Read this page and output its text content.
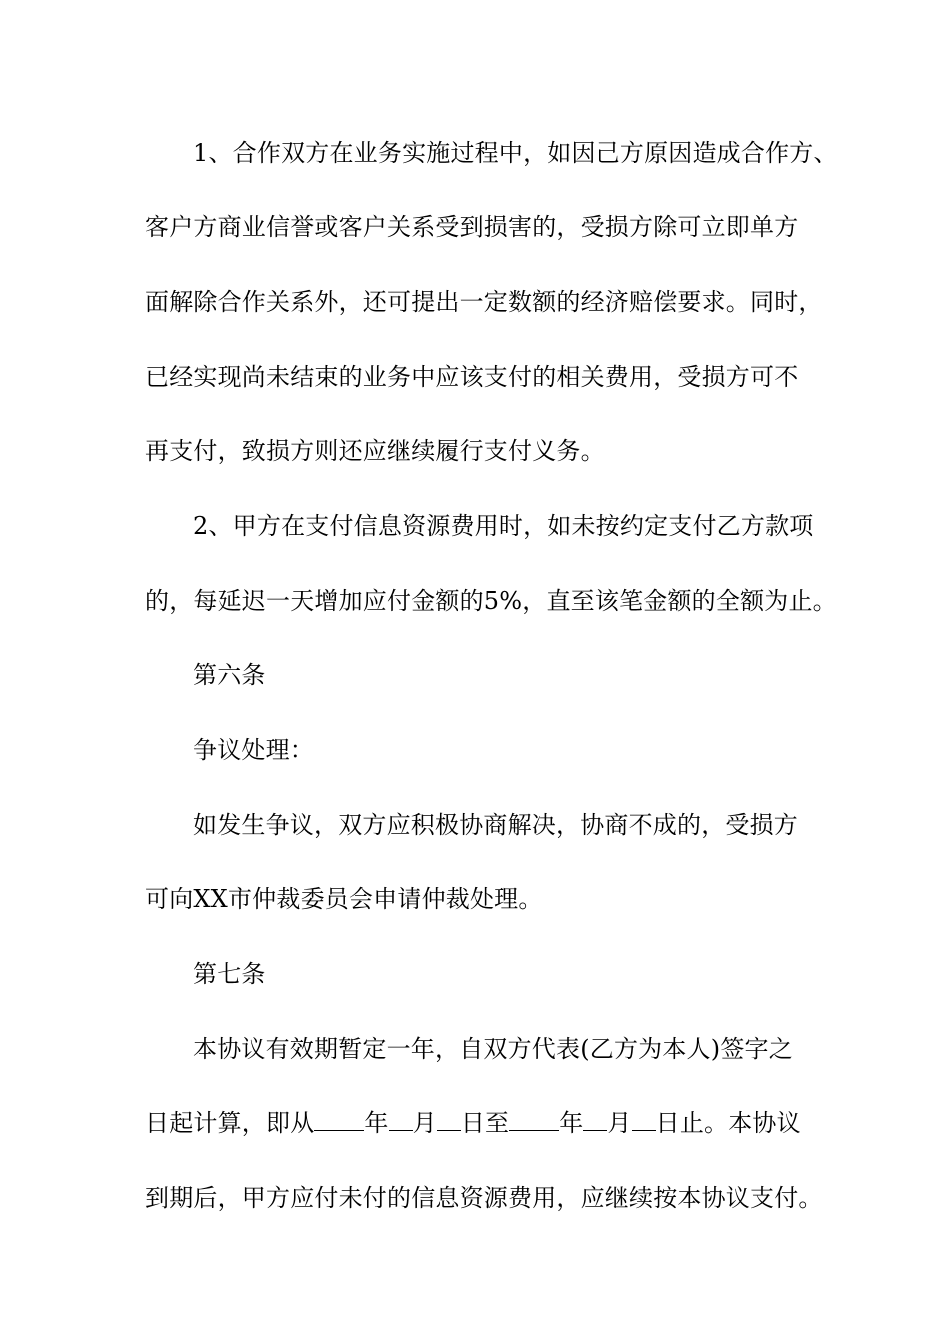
1、合作双方在业务实施过程中，如因己方原因造成合作方、
客户方商业信誉或客户关系受到损害的，受损方除可立即单方
面解除合作关系外，还可提出一定数额的经济赔偿要求。同时，
已经实现尚未结束的业务中应该支付的相关费用，受损方可不
再支付，致损方则还应继续履行支付义务。
2、甲方在支付信息资源费用时，如未按约定支付乙方款项
的，每延迟一天增加应付金额的5%，直至该笔金额的全额为止。
第六条
争议处理：
如发生争议，双方应积极协商解决，协商不成的，受损方
可向XX市仲裁委员会申请仲裁处理。
第七条
本协议有效期暂定一年，自双方代表(乙方为本人)签字之
日起计算，即从 年 月 日至 年 月 日止。本协议
到期后，甲方应付未付的信息资源费用，应继续按本协议支付。
